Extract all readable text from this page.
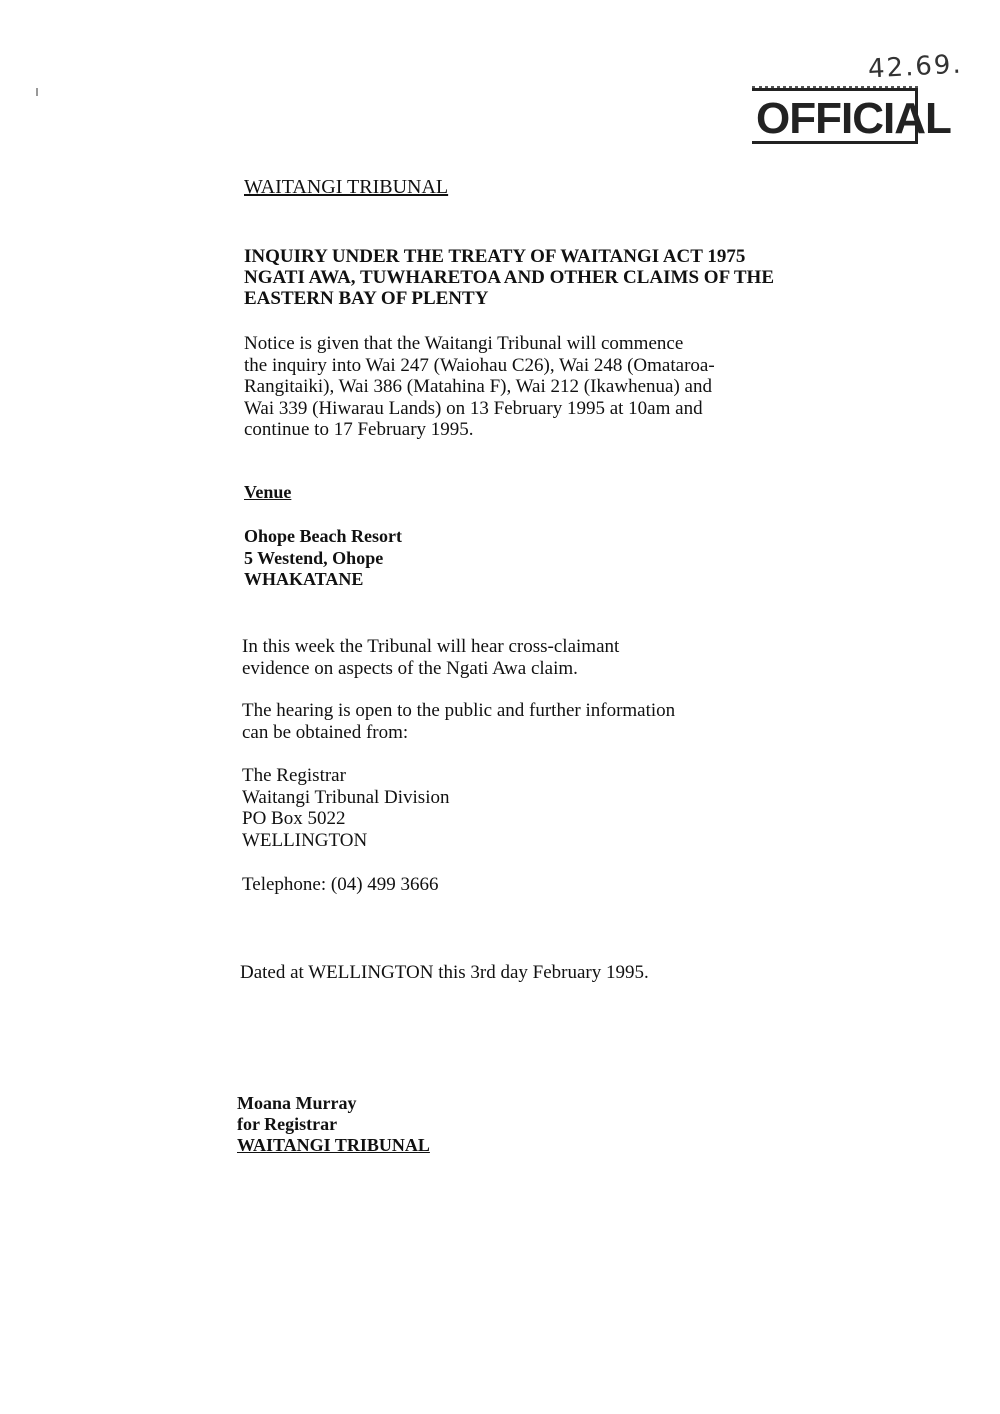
42.69.
OFFICIAL
WAITANGI TRIBUNAL
INQUIRY UNDER THE TREATY OF WAITANGI ACT 1975
NGATI AWA, TUWHARETOA AND OTHER CLAIMS OF THE
EASTERN BAY OF PLENTY
Notice is given that the Waitangi Tribunal will commence
the inquiry into Wai 247 (Waiohau C26), Wai 248 (Omataroa-
Rangitaiki), Wai 386 (Matahina F), Wai 212 (Ikawhenua) and
Wai 339 (Hiwarau Lands) on 13 February 1995 at 10am and
continue to 17 February 1995.
Venue
Ohope Beach Resort
5 Westend, Ohope
WHAKATANE
In this week the Tribunal will hear cross-claimant
evidence on aspects of the Ngati Awa claim.
The hearing is open to the public and further information
can be obtained from:
The Registrar
Waitangi Tribunal Division
PO Box 5022
WELLINGTON
Telephone: (04) 499 3666
Dated at WELLINGTON this 3rd day February 1995.
Moana Murray
for Registrar
WAITANGI TRIBUNAL
